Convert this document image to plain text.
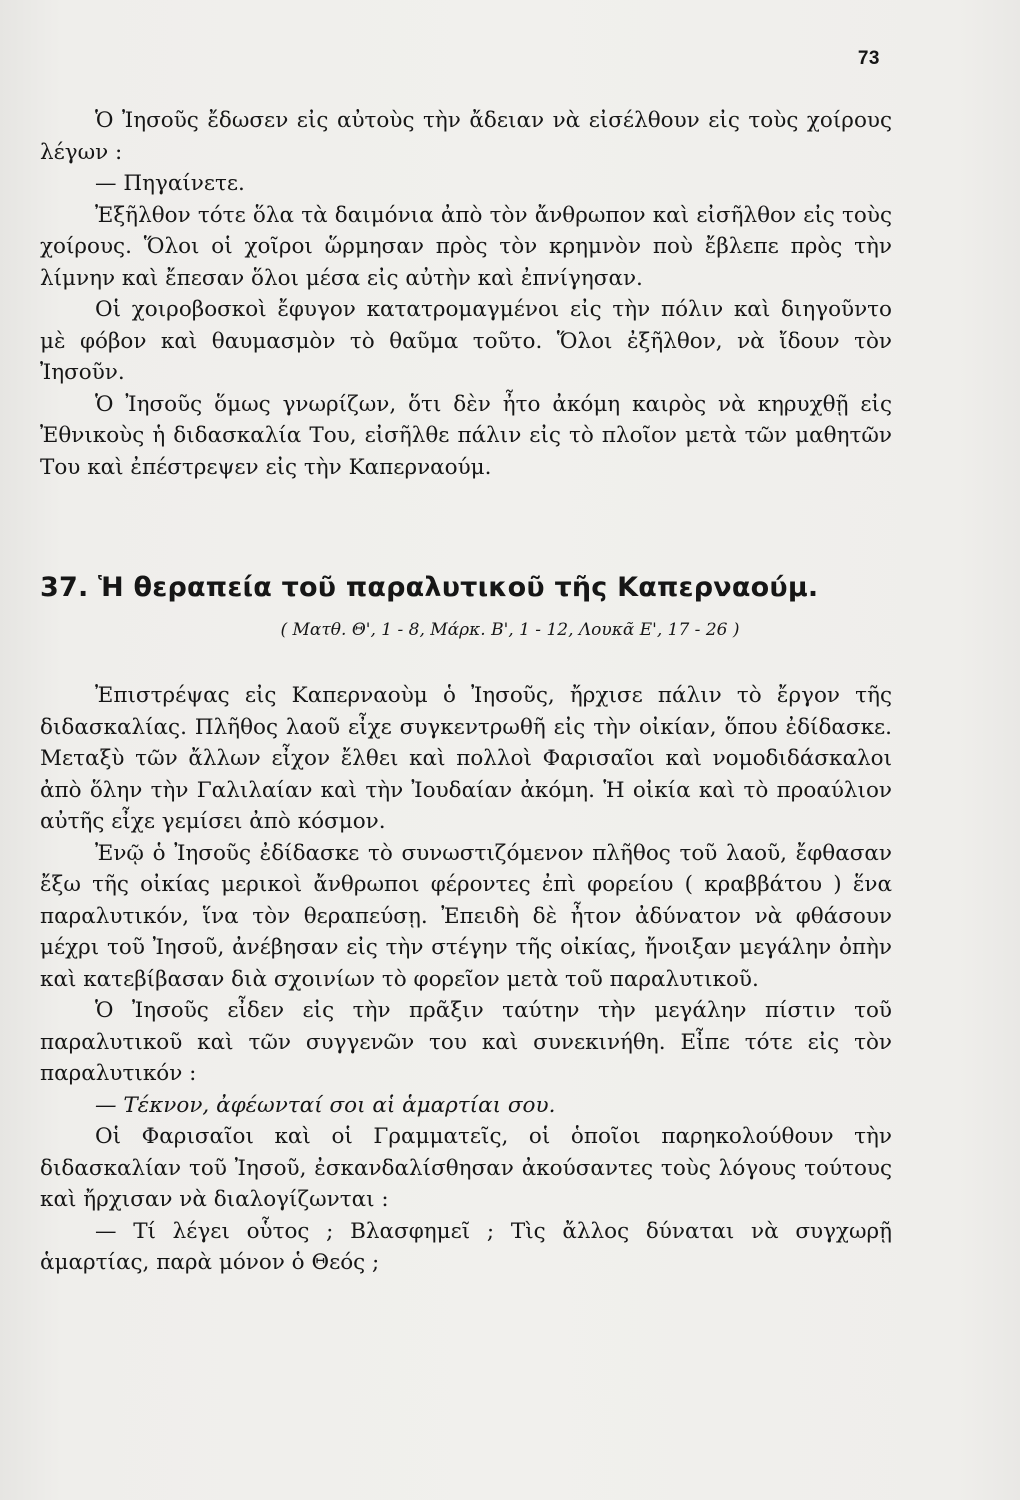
73

Ὁ Ἰησοῦς ἔδωσεν εἰς αὐτοὺς τὴν ἄδειαν νὰ εἰσέλθουν εἰς τοὺς χοίρους λέγων :

— Πηγαίνετε.

Ἐξῆλθον τότε ὅλα τὰ δαιμόνια ἀπὸ τὸν ἄνθρωπον καὶ εἰσῆλθον εἰς τοὺς χοίρους. Ὅλοι οἱ χοῖροι ὥρμησαν πρὸς τὸν κρημνὸν ποὺ ἔβλεπε πρὸς τὴν λίμνην καὶ ἔπεσαν ὅλοι μέσα εἰς αὐτὴν καὶ ἐπνίγησαν.

Οἱ χοιροβοσκοὶ ἔφυγον κατατρομαγμένοι εἰς τὴν πόλιν καὶ διηγοῦντο μὲ φόβον καὶ θαυμασμὸν τὸ θαῦμα τοῦτο. Ὅλοι ἐξῆλθον, νὰ ἴδουν τὸν Ἰησοῦν.

Ὁ Ἰησοῦς ὅμως γνωρίζων, ὅτι δὲν ἦτο ἀκόμη καιρὸς νὰ κηρυχθῇ εἰς Ἐθνικοὺς ἡ διδασκαλία Του, εἰσῆλθε πάλιν εἰς τὸ πλοῖον μετὰ τῶν μαθητῶν Του καὶ ἐπέστρεψεν εἰς τὴν Καπερναούμ.

37. Ἡ θεραπεία τοῦ παραλυτικοῦ τῆς Καπερναούμ.
( Ματθ. Θ', 1 - 8, Μάρκ. Β', 1 - 12, Λουκᾶ Ε', 17 - 26 )

Ἐπιστρέψας εἰς Καπερναοὺμ ὁ Ἰησοῦς, ἤρχισε πάλιν τὸ ἔργον τῆς διδασκαλίας. Πλῆθος λαοῦ εἶχε συγκεντρωθῆ εἰς τὴν οἰκίαν, ὅπου ἐδίδασκε. Μεταξὺ τῶν ἄλλων εἶχον ἔλθει καὶ πολλοὶ Φαρισαῖοι καὶ νομοδιδάσκαλοι ἀπὸ ὅλην τὴν Γαλιλαίαν καὶ τὴν Ἰουδαίαν ἀκόμη. Ἡ οἰκία καὶ τὸ προαύλιον αὐτῆς εἶχε γεμίσει ἀπὸ κόσμον.

Ἐνῷ ὁ Ἰησοῦς ἐδίδασκε τὸ συνωστιζόμενον πλῆθος τοῦ λαοῦ, ἔφθασαν ἔξω τῆς οἰκίας μερικοὶ ἄνθρωποι φέροντες ἐπὶ φορείου ( κραββάτου ) ἕνα παραλυτικόν, ἵνα τὸν θεραπεύσῃ. Ἐπειδὴ δὲ ἦτον ἀδύνατον νὰ φθάσουν μέχρι τοῦ Ἰησοῦ, ἀνέβησαν εἰς τὴν στέγην τῆς οἰκίας, ἤνοιξαν μεγάλην ὀπὴν καὶ κατεβίβασαν διὰ σχοινίων τὸ φορεῖον μετὰ τοῦ παραλυτικοῦ.

Ὁ Ἰησοῦς εἶδεν εἰς τὴν πρᾶξιν ταύτην τὴν μεγάλην πίστιν τοῦ παραλυτικοῦ καὶ τῶν συγγενῶν του καὶ συνεκινήθη. Εἶπε τότε εἰς τὸν παραλυτικόν :

— Τέκνον, ἀφέωνταί σοι αἱ ἁμαρτίαι σου.

Οἱ Φαρισαῖοι καὶ οἱ Γραμματεῖς, οἱ ὁποῖοι παρηκολούθουν τὴν διδασκαλίαν τοῦ Ἰησοῦ, ἐσκανδαλίσθησαν ἀκούσαντες τοὺς λόγους τούτους καὶ ἤρχισαν νὰ διαλογίζωνται :

— Τί λέγει οὗτος ; Βλασφημεῖ ; Τὶς ἄλλος δύναται νὰ συγχωρῇ ἁμαρτίας, παρὰ μόνον ὁ Θεός ;
